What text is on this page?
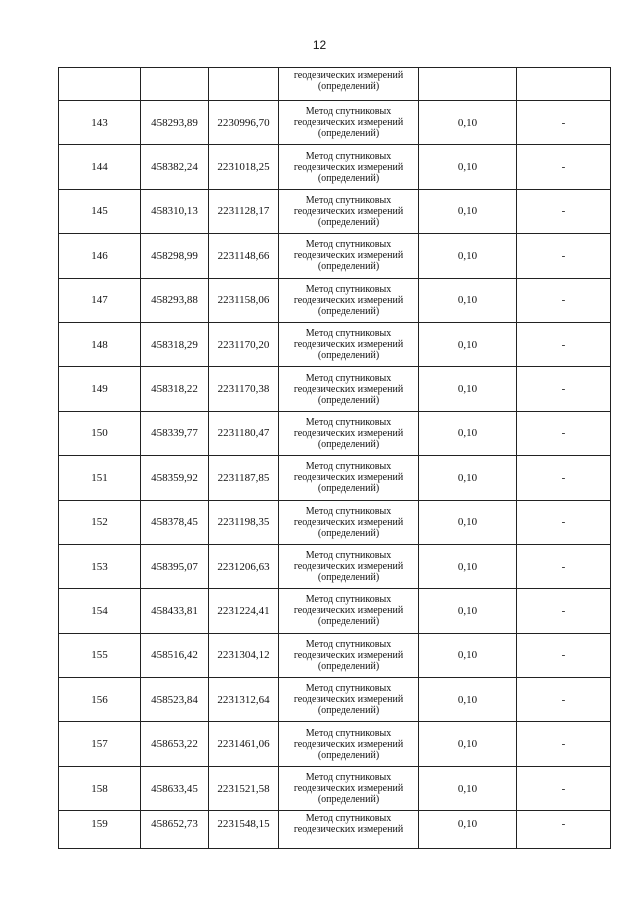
12

			геодезических измерений
(определений)		

143	458293,89	2230996,70	Метод спутниковых
геодезических измерений
(определений)	0,10	-
144	458382,24	2231018,25	Метод спутниковых
геодезических измерений
(определений)	0,10	-
145	458310,13	2231128,17	Метод спутниковых
геодезических измерений
(определений)	0,10	-
146	458298,99	2231148,66	Метод спутниковых
геодезических измерений
(определений)	0,10	-
147	458293,88	2231158,06	Метод спутниковых
геодезических измерений
(определений)	0,10	-
148	458318,29	2231170,20	Метод спутниковых
геодезических измерений
(определений)	0,10	-
149	458318,22	2231170,38	Метод спутниковых
геодезических измерений
(определений)	0,10	-
150	458339,77	2231180,47	Метод спутниковых
геодезических измерений
(определений)	0,10	-
151	458359,92	2231187,85	Метод спутниковых
геодезических измерений
(определений)	0,10	-
152	458378,45	2231198,35	Метод спутниковых
геодезических измерений
(определений)	0,10	-
153	458395,07	2231206,63	Метод спутниковых
геодезических измерений
(определений)	0,10	-
154	458433,81	2231224,41	Метод спутниковых
геодезических измерений
(определений)	0,10	-
155	458516,42	2231304,12	Метод спутниковых
геодезических измерений
(определений)	0,10	-
156	458523,84	2231312,64	Метод спутниковых
геодезических измерений
(определений)	0,10	-
157	458653,22	2231461,06	Метод спутниковых
геодезических измерений
(определений)	0,10	-
158	458633,45	2231521,58	Метод спутниковых
геодезических измерений
(определений)	0,10	-
159	458652,73	2231548,15	Метод спутниковых
геодезических измерений	0,10	-
